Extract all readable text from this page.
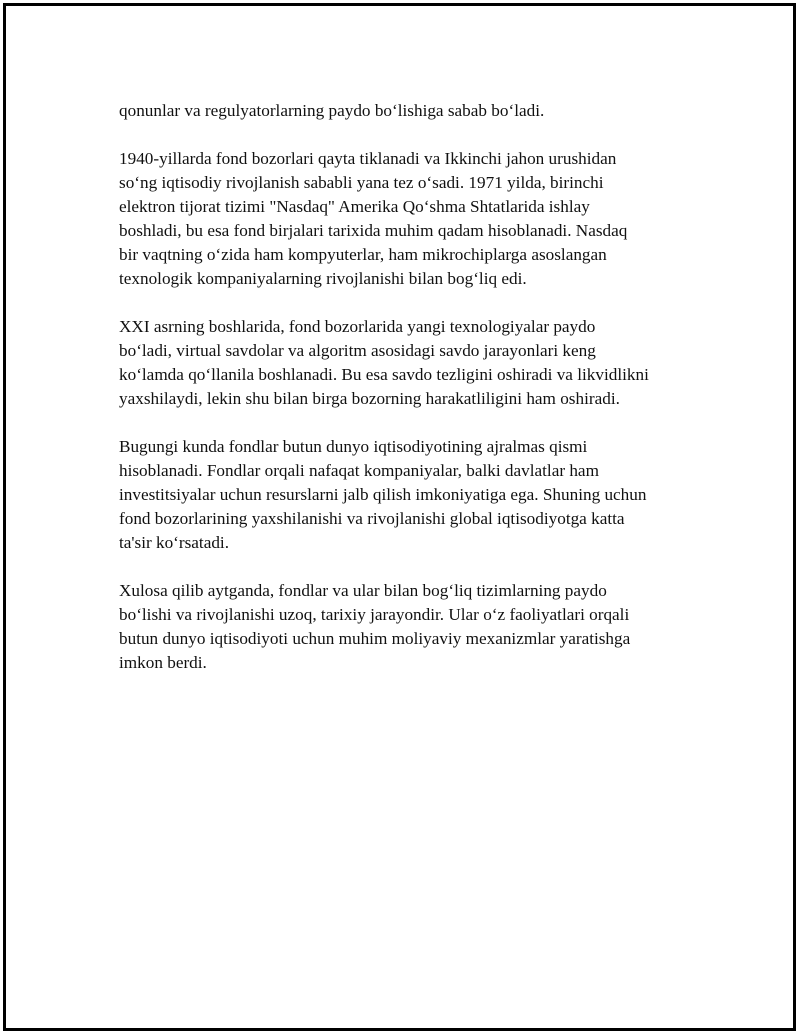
qonunlar va regulyatorlarning paydo boʻlishiga sabab boʻladi.

1940-yillarda fond bozorlari qayta tiklanadi va Ikkinchi jahon urushidan
soʻng iqtisodiy rivojlanish sababli yana tez oʻsadi. 1971 yilda, birinchi
elektron tijorat tizimi "Nasdaq" Amerika Qoʻshma Shtatlarida ishlay
boshladi, bu esa fond birjalari tarixida muhim qadam hisoblanadi. Nasdaq
bir vaqtning oʻzida ham kompyuterlar, ham mikrochiplarga asoslangan
texnologik kompaniyalarning rivojlanishi bilan bogʻliq edi.

XXI asrning boshlarida, fond bozorlarida yangi texnologiyalar paydo
boʻladi, virtual savdolar va algoritm asosidagi savdo jarayonlari keng
koʻlamda qoʻllanila boshlanadi. Bu esa savdo tezligini oshiradi va likvidlikni
yaxshilaydi, lekin shu bilan birga bozorning harakatliligini ham oshiradi.

Bugungi kunda fondlar butun dunyo iqtisodiyotining ajralmas qismi
hisoblanadi. Fondlar orqali nafaqat kompaniyalar, balki davlatlar ham
investitsiyalar uchun resurslarni jalb qilish imkoniyatiga ega. Shuning uchun
fond bozorlarining yaxshilanishi va rivojlanishi global iqtisodiyotga katta
ta'sir koʻrsatadi.

Xulosa qilib aytganda, fondlar va ular bilan bogʻliq tizimlarning paydo
boʻlishi va rivojlanishi uzoq, tarixiy jarayondir. Ular oʻz faoliyatlari orqali
butun dunyo iqtisodiyoti uchun muhim moliyaviy mexanizmlar yaratishga
imkon berdi.
